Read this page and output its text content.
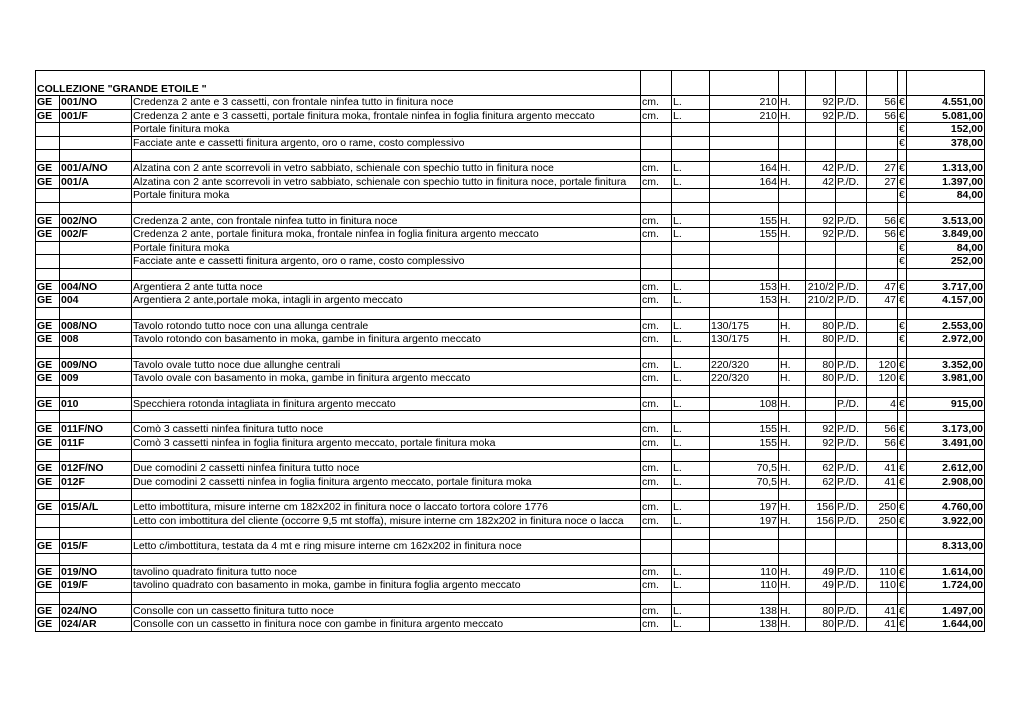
COLLEZIONE "GRANDE ETOILE "											
GE	001/NO	Credenza 2 ante e 3 cassetti, con frontale ninfea tutto in finitura noce	cm.	L.	210	H.	92	P./D.	56	€	4.551,00
GE	001/F	Credenza 2 ante e 3 cassetti, portale finitura moka, frontale ninfea in foglia finitura argento meccato	cm.	L.	210	H.	92	P./D.	56	€	5.081,00
		Portale finitura moka								€	152,00
		Facciate ante e cassetti finitura argento, oro o rame, costo complessivo								€	378,00

GE	001/A/NO	Alzatina con 2 ante scorrevoli in vetro sabbiato, schienale con spechio tutto in finitura noce	cm.	L.	164	H.	42	P./D.	27	€	1.313,00
GE	001/A	Alzatina con 2 ante scorrevoli in vetro sabbiato, schienale con spechio tutto in finitura noce, portale finitura	cm.	L.	164	H.	42	P./D.	27	€	1.397,00
		Portale finitura moka								€	84,00

GE	002/NO	Credenza 2 ante, con frontale ninfea tutto in finitura noce	cm.	L.	155	H.	92	P./D.	56	€	3.513,00
GE	002/F	Credenza 2 ante, portale finitura moka, frontale ninfea in foglia finitura argento meccato	cm.	L.	155	H.	92	P./D.	56	€	3.849,00
		Portale finitura moka								€	84,00
		Facciate ante e cassetti finitura argento, oro o rame, costo complessivo								€	252,00

GE	004/NO	Argentiera 2 ante tutta noce	cm.	L.	153	H.	210/2	P./D.	47	€	3.717,00
GE	004	Argentiera 2 ante,portale moka, intagli in argento meccato	cm.	L.	153	H.	210/2	P./D.	47	€	4.157,00

GE	008/NO	Tavolo rotondo tutto noce con una allunga centrale	cm.	L.	130/175	H.	80	P./D.		€	2.553,00
GE	008	Tavolo rotondo con basamento in moka, gambe in finitura argento meccato	cm.	L.	130/175	H.	80	P./D.		€	2.972,00

GE	009/NO	Tavolo ovale tutto noce due allunghe centrali	cm.	L.	220/320	H.	80	P./D.	120	€	3.352,00
GE	009	Tavolo ovale con basamento in moka, gambe in finitura argento meccato	cm.	L.	220/320	H.	80	P./D.	120	€	3.981,00

GE	010	Specchiera rotonda intagliata in finitura argento meccato	cm.	L.	108	H.		P./D.	4	€	915,00

GE	011F/NO	Comò 3 cassetti ninfea finitura tutto noce	cm.	L.	155	H.	92	P./D.	56	€	3.173,00
GE	011F	Comò 3 cassetti ninfea in foglia finitura argento meccato, portale finitura moka	cm.	L.	155	H.	92	P./D.	56	€	3.491,00

GE	012F/NO	Due comodini 2 cassetti ninfea finitura tutto noce	cm.	L.	70,5	H.	62	P./D.	41	€	2.612,00
GE	012F	Due comodini 2 cassetti ninfea in foglia finitura argento meccato, portale finitura moka	cm.	L.	70,5	H.	62	P./D.	41	€	2.908,00

GE	015/A/L	Letto imbottitura, misure interne cm 182x202 in finitura noce o laccato tortora colore 1776	cm.	L.	197	H.	156	P./D.	250	€	4.760,00
		Letto con imbottitura del cliente (occorre 9,5 mt stoffa), misure interne cm 182x202 in finitura noce o lacca	cm.	L.	197	H.	156	P./D.	250	€	3.922,00

GE	015/F	Letto c/imbottitura, testata da 4 mt e ring misure interne cm 162x202 in finitura noce									8.313,00

GE	019/NO	tavolino quadrato finitura tutto noce	cm.	L.	110	H.	49	P./D.	110	€	1.614,00
GE	019/F	tavolino quadrato con basamento in moka, gambe in finitura foglia argento meccato	cm.	L.	110	H.	49	P./D.	110	€	1.724,00

GE	024/NO	Consolle con un cassetto finitura tutto noce	cm.	L.	138	H.	80	P./D.	41	€	1.497,00
GE	024/AR	Consolle con un cassetto in finitura noce con gambe in finitura argento meccato	cm.	L.	138	H.	80	P./D.	41	€	1.644,00
